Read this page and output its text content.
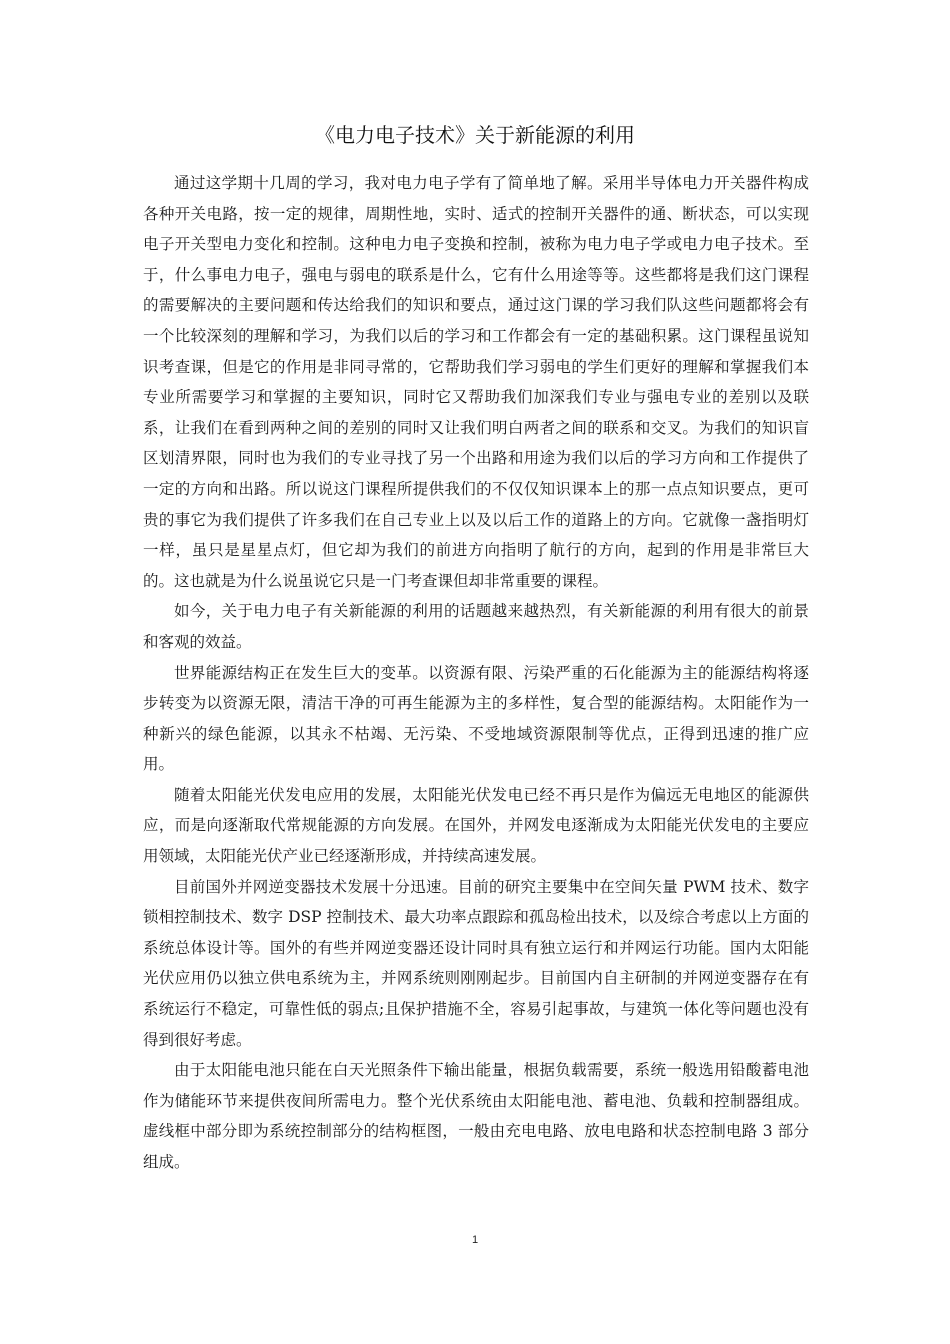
《电力电子技术》关于新能源的利用

通过这学期十几周的学习，我对电力电子学有了简单地了解。采用半导体电力开关器件构成各种开关电路，按一定的规律，周期性地，实时、适式的控制开关器件的通、断状态，可以实现电子开关型电力变化和控制。这种电力电子变换和控制，被称为电力电子学或电力电子技术。至于，什么事电力电子，强电与弱电的联系是什么，它有什么用途等等。这些都将是我们这门课程的需要解决的主要问题和传达给我们的知识和要点，通过这门课的学习我们队这些问题都将会有一个比较深刻的理解和学习，为我们以后的学习和工作都会有一定的基础积累。这门课程虽说知识考查课，但是它的作用是非同寻常的，它帮助我们学习弱电的学生们更好的理解和掌握我们本专业所需要学习和掌握的主要知识，同时它又帮助我们加深我们专业与强电专业的差别以及联系，让我们在看到两种之间的差别的同时又让我们明白两者之间的联系和交叉。为我们的知识盲区划清界限，同时也为我们的专业寻找了另一个出路和用途为我们以后的学习方向和工作提供了一定的方向和出路。所以说这门课程所提供我们的不仅仅知识课本上的那一点点知识要点，更可贵的事它为我们提供了许多我们在自己专业上以及以后工作的道路上的方向。它就像一盏指明灯一样，虽只是星星点灯，但它却为我们的前进方向指明了航行的方向，起到的作用是非常巨大的。这也就是为什么说虽说它只是一门考查课但却非常重要的课程。

如今，关于电力电子有关新能源的利用的话题越来越热烈，有关新能源的利用有很大的前景和客观的效益。

世界能源结构正在发生巨大的变革。以资源有限、污染严重的石化能源为主的能源结构将逐步转变为以资源无限，清洁干净的可再生能源为主的多样性，复合型的能源结构。太阳能作为一种新兴的绿色能源，以其永不枯竭、无污染、不受地域资源限制等优点，正得到迅速的推广应用。

随着太阳能光伏发电应用的发展，太阳能光伏发电已经不再只是作为偏远无电地区的能源供应，而是向逐渐取代常规能源的方向发展。在国外，并网发电逐渐成为太阳能光伏发电的主要应用领域，太阳能光伏产业已经逐渐形成，并持续高速发展。

目前国外并网逆变器技术发展十分迅速。目前的研究主要集中在空间矢量 PWM 技术、数字锁相控制技术、数字 DSP 控制技术、最大功率点跟踪和孤岛检出技术，以及综合考虑以上方面的系统总体设计等。国外的有些并网逆变器还设计同时具有独立运行和并网运行功能。国内太阳能光伏应用仍以独立供电系统为主，并网系统则刚刚起步。目前国内自主研制的并网逆变器存在有系统运行不稳定，可靠性低的弱点;且保护措施不全，容易引起事故，与建筑一体化等问题也没有得到很好考虑。

由于太阳能电池只能在白天光照条件下输出能量，根据负载需要，系统一般选用铅酸蓄电池作为储能环节来提供夜间所需电力。整个光伏系统由太阳能电池、蓄电池、负载和控制器组成。虚线框中部分即为系统控制部分的结构框图，一般由充电电路、放电电路和状态控制电路 3 部分组成。

1
